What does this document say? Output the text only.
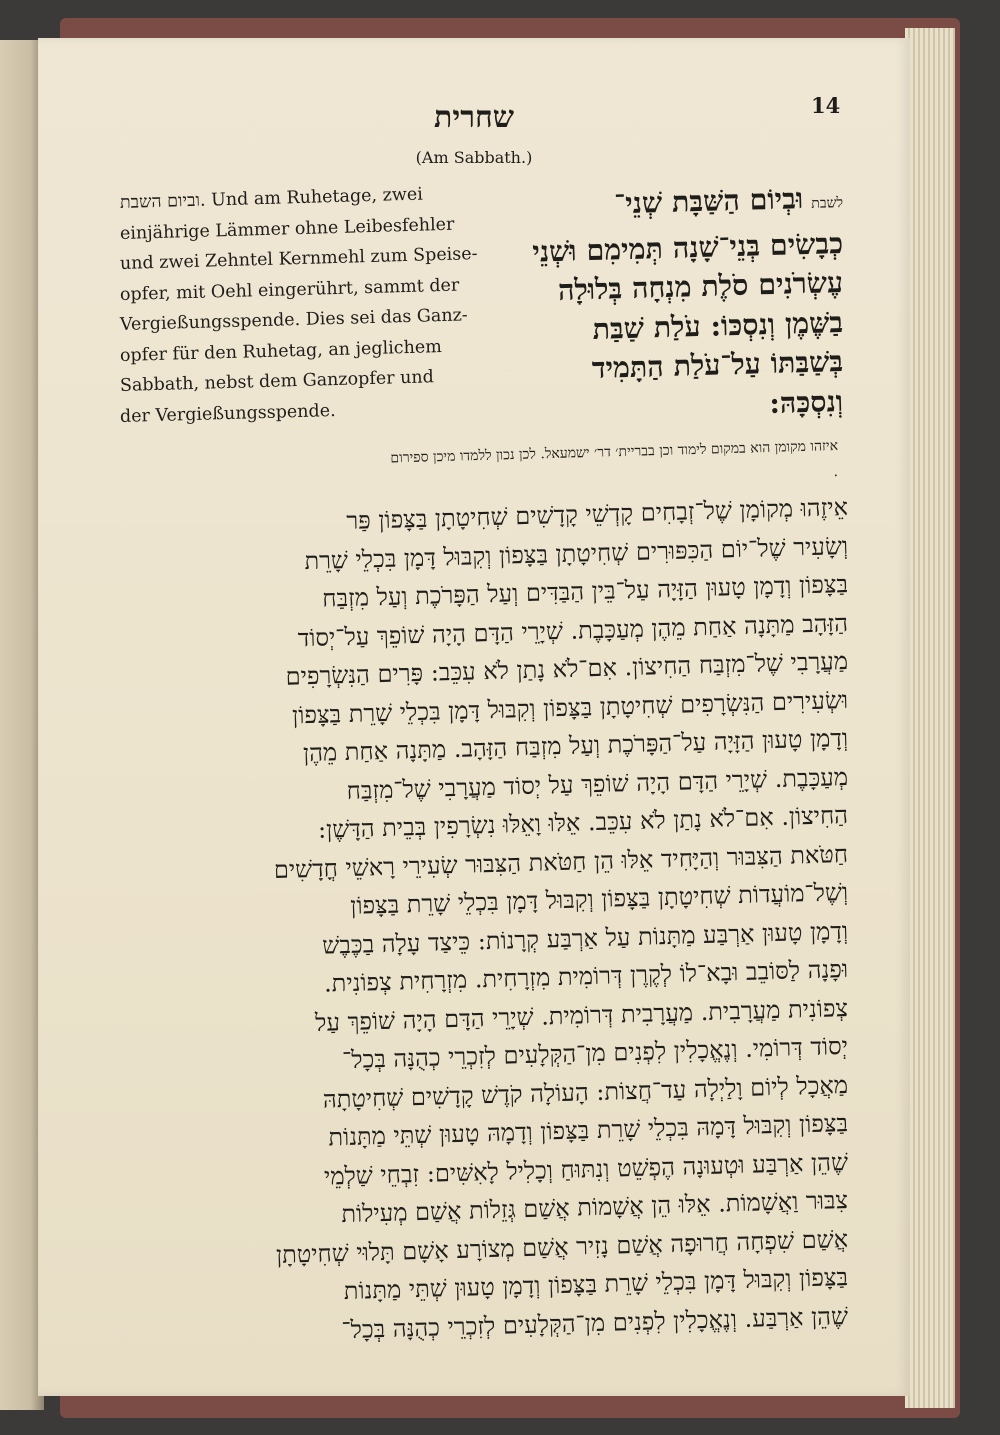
14
שחרית
(Am Sabbath.)
וביום השבת. Und am Ruhetage, zwei
einjährige Lämmer ohne Leibesfehler
und zwei Zehntel Kernmehl zum Speise-
opfer, mit Oehl eingerührt, sammt der
Vergießungsspende. Dies sei das Ganz-
opfer für den Ruhetag, an jeglichem
Sabbath, nebst dem Ganzopfer und
der Vergießungsspende.
לשבתוּבְיוֹם הַשַּׁבָּת שְׁנֵי־
כְבָשִׂים בְּנֵי־שָׁנָה תְּמִימִם וּשְׁנֵי
עֶשְׂרֹנִים סֹלֶת מִנְחָה בְּלוּלָה
בַשֶּׁמֶן וְנִסְכּוֹ: עֹלַת שַׁבַּת
בְּשַׁבַּתּוֹ עַל־עֹלַת הַתָּמִיד
וְנִסְכָּהּ:
איזהו מקומן הוא במקום לימוד וכן בבריית׳ דר׳ ישמעאל. לכן נכון ללמדו מיכן ספירום
.
אֵיזֶהוּ מְקוֹמָן שֶׁל־זְבָחִים קָדְשֵׁי קָדָשִׁים שְׁחִיטָתָן בַּצָּפוֹן פַּר
וְשָׂעִיר שֶׁל־יוֹם הַכִּפּוּרִים שְׁחִיטָתָן בַּצָּפוֹן וְקִבּוּל דָּמָן בִּכְלֵי שָׁרֵת
בַּצָּפוֹן וְדָמָן טָעוּן הַזָּיָה עַל־בֵּין הַבַּדִּים וְעַל הַפָּרֹכֶת וְעַל מִזְבַּח
הַזָּהָב מַתָּנָה אַחַת מֵהֶן מְעַכָּבֶת. שְׁיָרֵי הַדָּם הָיָה שׁוֹפֵךְ עַל־יְסוֹד
מַעֲרָבִי שֶׁל־מִזְבַּח הַחִיצוֹן. אִם־לֹא נָתַן לֹא עִכֵּב: פָּרִים הַנִּשְׂרָפִים
וּשְׂעִירִים הַנִּשְׂרָפִים שְׁחִיטָתָן בַּצָּפוֹן וְקִבּוּל דָּמָן בִּכְלֵי שָׁרֵת בַּצָּפוֹן
וְדָמָן טָעוּן הַזָּיָה עַל־הַפָּרֹכֶת וְעַל מִזְבַּח הַזָּהָב. מַתָּנָה אַחַת מֵהֶן
מְעַכָּבֶת. שְׁיָרֵי הַדָּם הָיָה שׁוֹפֵךְ עַל יְסוֹד מַעֲרָבִי שֶׁל־מִזְבַּח
הַחִיצוֹן. אִם־לֹא נָתַן לֹא עִכֵּב. אֵלּוּ וָאֵלּוּ נִשְׂרָפִין בְּבֵית הַדָּשֶׁן:
חַטֹּאת הַצִּבּוּר וְהַיָּחִיד אֵלּוּ הֵן חַטֹּאת הַצִּבּוּר שְׂעִירֵי רָאשֵׁי חֳדָשִׁים
וְשֶׁל־מוֹעֲדוֹת שְׁחִיטָתָן בַּצָּפוֹן וְקִבּוּל דָּמָן בִּכְלֵי שָׁרֵת בַּצָּפוֹן
וְדָמָן טָעוּן אַרְבַּע מַתָּנוֹת עַל אַרְבַּע קְרָנוֹת: כֵּיצַד עָלָה בַכֶּבֶשׁ
וּפָנָה לַסּוֹבֵב וּבָא־לוֹ לְקֶרֶן דְּרוֹמִית מִזְרָחִית. מִזְרָחִית צְפוֹנִית.
צְפוֹנִית מַעֲרָבִית. מַעֲרָבִית דְּרוֹמִית. שְׁיָרֵי הַדָּם הָיָה שׁוֹפֵךְ עַל
יְסוֹד דְּרוֹמִי. וְנֶאֱכָלִין לִפְנִים מִן־הַקְּלָעִים לְזִכְרֵי כְהֻנָּה בְּכָל־
מַאֲכָל לְיוֹם וָלַיְלָה עַד־חֲצוֹת: הָעוֹלָה קֹדֶשׁ קָדָשִׁים שְׁחִיטָתָהּ
בַּצָּפוֹן וְקִבּוּל דָּמָהּ בִּכְלֵי שָׁרֵת בַּצָּפוֹן וְדָמָהּ טָעוּן שְׁתֵּי מַתָּנוֹת
שֶׁהֵן אַרְבַּע וּטְעוּנָה הֶפְשֵׁט וְנִתּוּחַ וְכָלִיל לָאִשִּׁים: זִבְחֵי שַׁלְמֵי
צִבּוּר וַאֲשָׁמוֹת. אֵלּוּ הֵן אֲשָׁמוֹת אֲשַׁם גְּזֵלוֹת אֲשַׁם מְעִילוֹת
אֲשַׁם שִׁפְחָה חֲרוּפָה אֲשַׁם נָזִיר אֲשַׁם מְצוֹרָע אָשָׁם תָּלוּי שְׁחִיטָתָן
בַּצָּפוֹן וְקִבּוּל דָּמָן בִּכְלֵי שָׁרֵת בַּצָּפוֹן וְדָמָן טָעוּן שְׁתֵּי מַתָּנוֹת
שֶׁהֵן אַרְבַּע. וְנֶאֱכָלִין לִפְנִים מִן־הַקְּלָעִים לְזִכְרֵי כְהֻנָּה בְּכָל־
